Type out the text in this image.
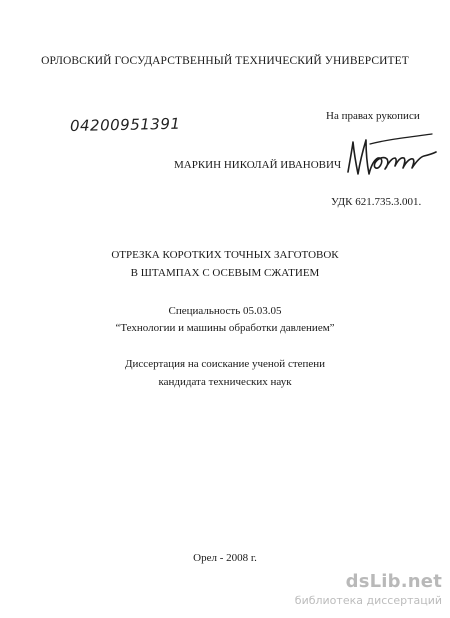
ОРЛОВСКИЙ ГОСУДАРСТВЕННЫЙ ТЕХНИЧЕСКИЙ УНИВЕРСИТЕТ
04200951391	На правах рукописи
МАРКИН НИКОЛАЙ ИВАНОВИЧ
УДК 621.735.3.001.
ОТРЕЗКА КОРОТКИХ ТОЧНЫХ ЗАГОТОВОК
В ШТАМПАХ С ОСЕВЫМ СЖАТИЕМ
Специальность 05.03.05
“Технологии и машины обработки давлением”
Диссертация на соискание ученой степени
кандидата технических наук
Орел - 2008 г.
dsLib.net
библиотека диссертаций
